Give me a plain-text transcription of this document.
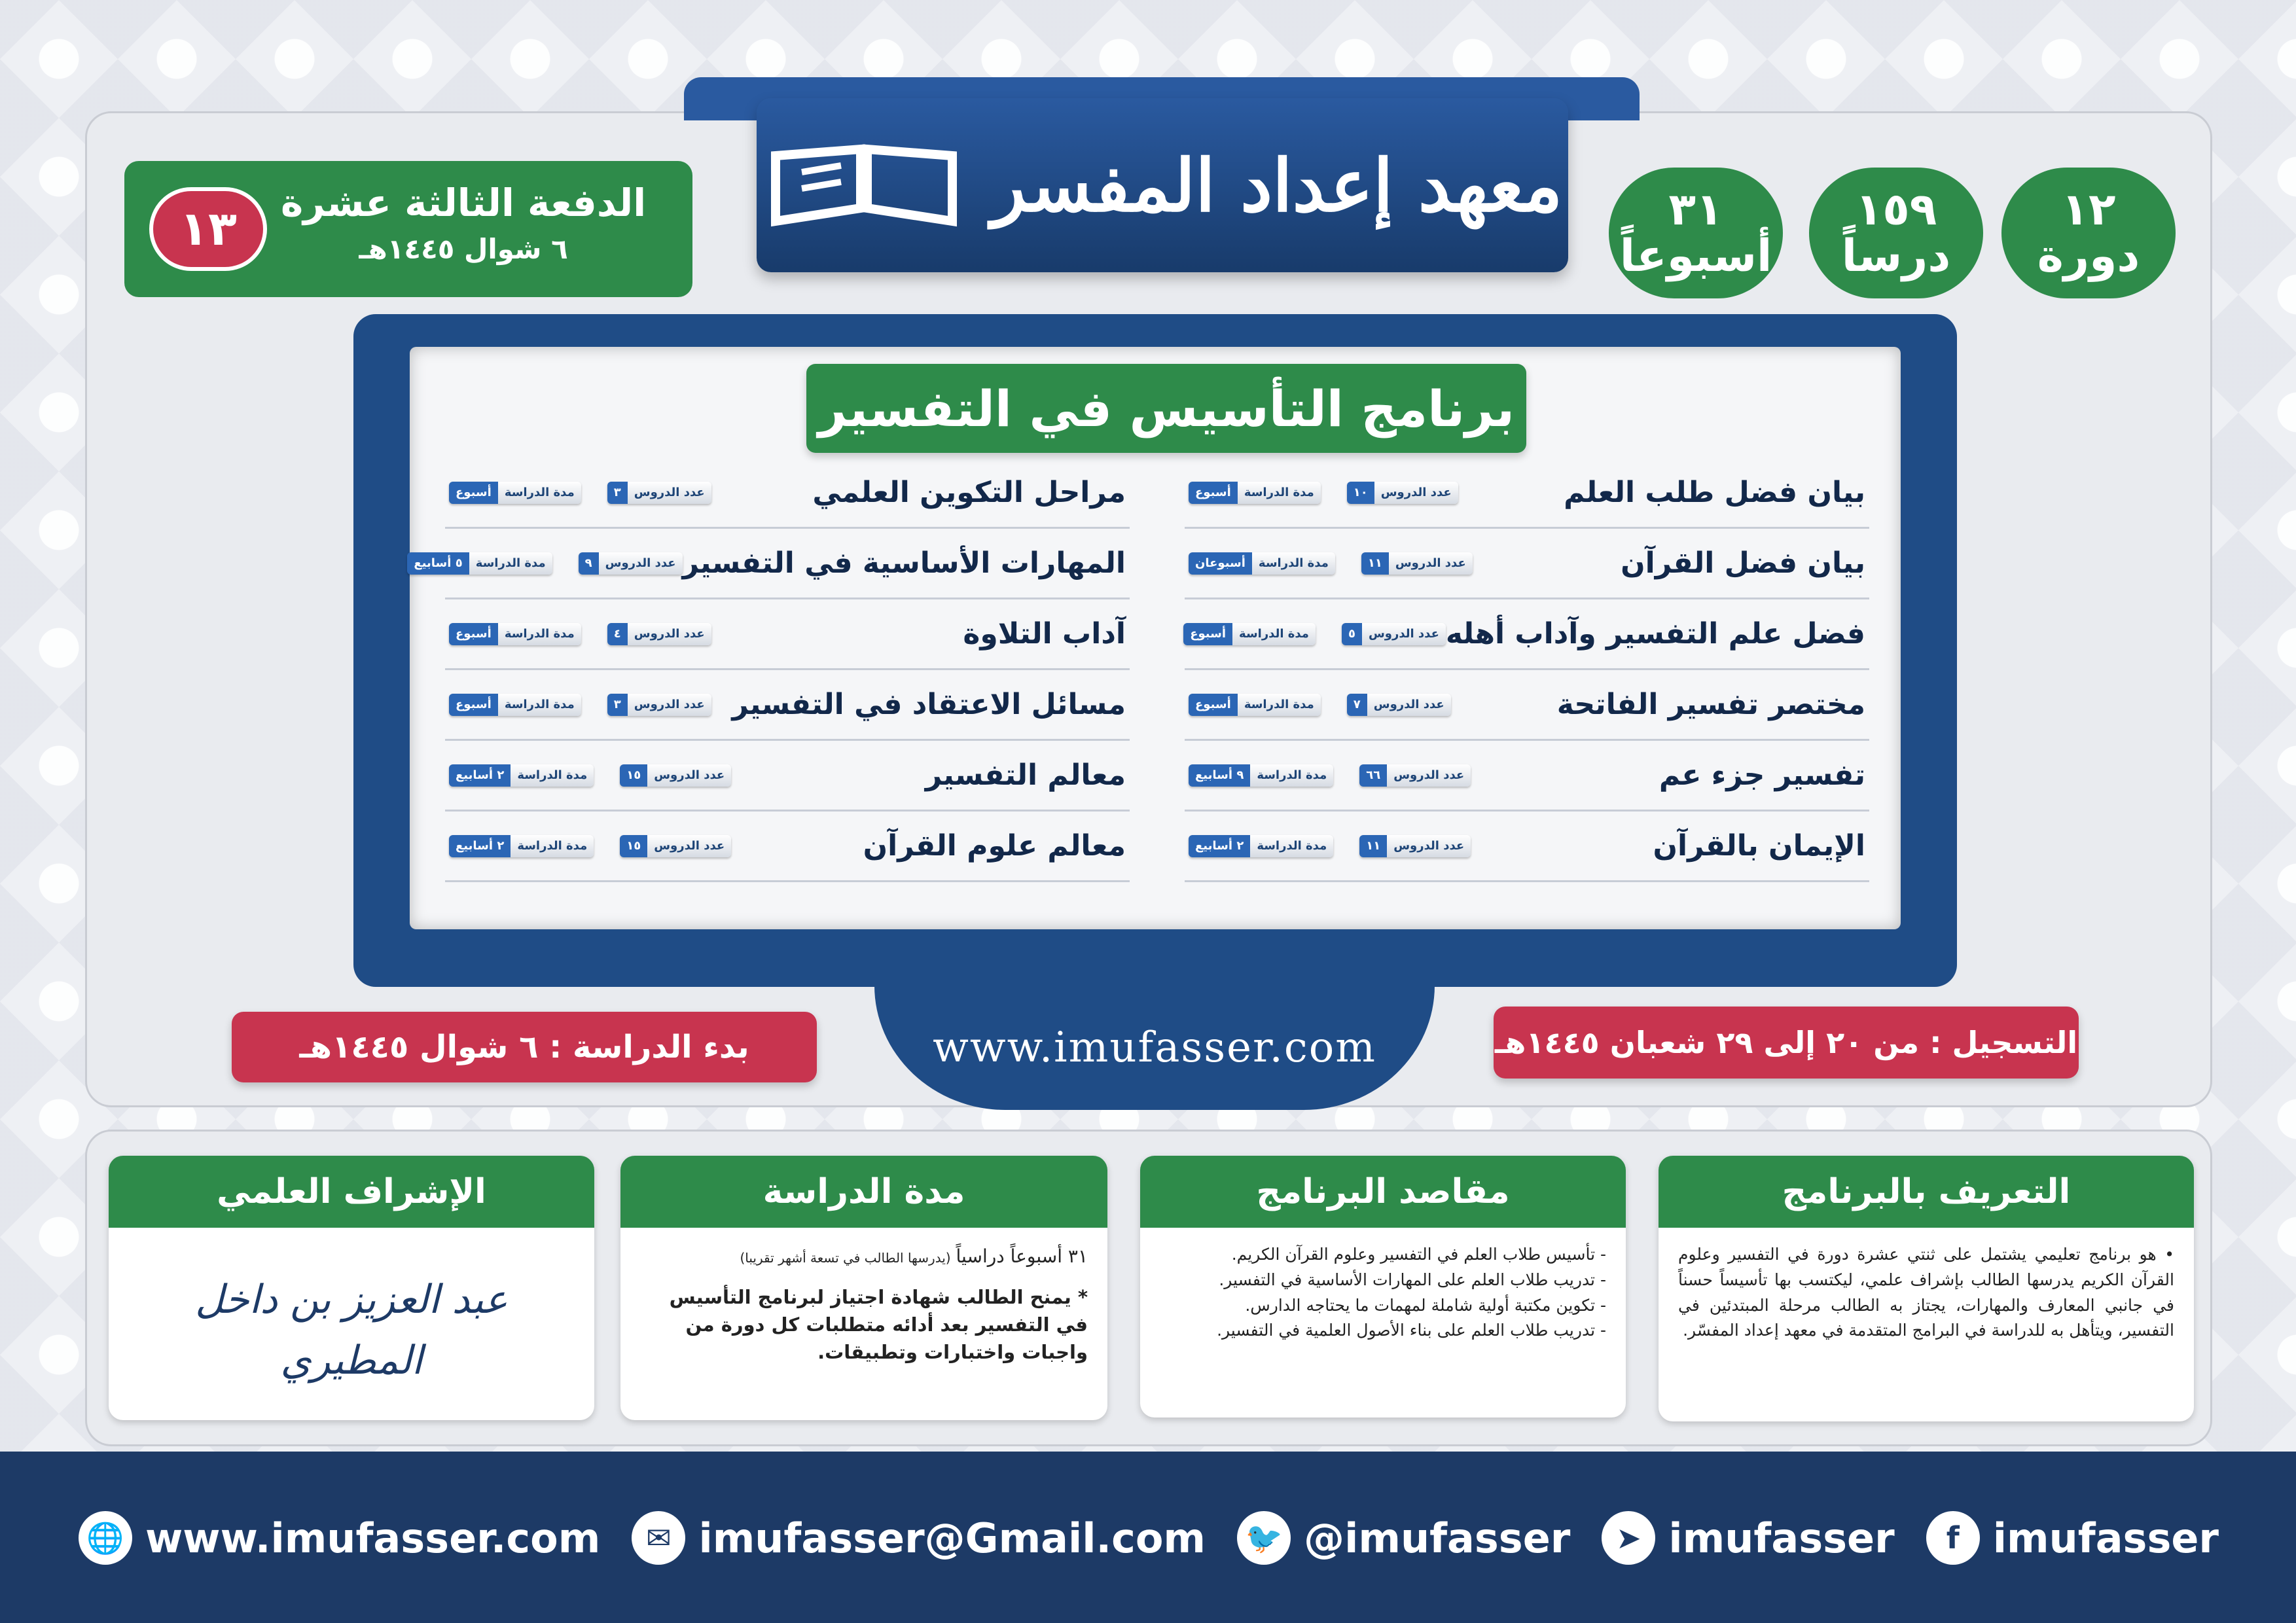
معهد إعداد المفسر
الدفعة الثالثة عشرة
٦ شوال ١٤٤٥هـ
١٣	١٢
دورة
١٥٩
درساً
٣١
أسبوعاً
برنامج التأسيس في التفسير
بيان فضل طلب العلم
عدد الدروس
١٠
مدة الدراسة
أسبوع
بيان فضل القرآن
عدد الدروس
١١
مدة الدراسة
أسبوعان
فضل علم التفسير وآداب أهله
عدد الدروس
٥
مدة الدراسة
أسبوع
مختصر تفسير الفاتحة
عدد الدروس
٧
مدة الدراسة
أسبوع
تفسير جزء عم
عدد الدروس
٦٦
مدة الدراسة
٩ أسابيع
الإيمان بالقرآن
عدد الدروس
١١
مدة الدراسة
٢ أسابيع
مراحل التكوين العلمي
عدد الدروس
٣
مدة الدراسة
أسبوع
المهارات الأساسية في التفسير
عدد الدروس
٩
مدة الدراسة
٥ أسابيع
آداب التلاوة
عدد الدروس
٤
مدة الدراسة
أسبوع
مسائل الاعتقاد في التفسير
عدد الدروس
٣
مدة الدراسة
أسبوع
معالم التفسير
عدد الدروس
١٥
مدة الدراسة
٢ أسابيع
معالم علوم القرآن
عدد الدروس
١٥
مدة الدراسة
٢ أسابيع
www.imufasser.com	التسجيل : من ٢٠ إلى ٢٩ شعبان ١٤٤٥هـ
بدء الدراسة : ٦ شوال ١٤٤٥هـ
التعريف بالبرنامج
• هو برنامج تعليمي يشتمل على ثنتي عشرة دورة في التفسير وعلوم القرآن الكريم يدرسها الطالب بإشراف علمي، ليكتسب بها تأسيساً حسناً في جانبي المعارف والمهارات، يجتاز به الطالب مرحلة المبتدئين في التفسير، ويتأهل به للدراسة في البرامج المتقدمة في معهد إعداد المفسّر.
مقاصد البرنامج
- تأسيس طلاب العلم في التفسير وعلوم القرآن الكريم.
- تدريب طلاب العلم على المهارات الأساسية في التفسير.
- تكوين مكتبة أولية شاملة لمهمات ما يحتاجه الدارس.
- تدريب طلاب العلم على بناء الأصول العلمية في التفسير.
مدة الدراسة
٣١ أسبوعاً دراسياً (يدرسها الطالب في تسعة أشهر تقريبا)
* يمنح الطالب شهادة اجتياز لبرنامج التأسيس في التفسير بعد أدائه متطلبات كل دورة من واجبات واختبارات وتطبيقات.
الإشراف العلمي
عبد العزيز بن داخل المطيري
f imufasser
➤ imufasser
🐦 @imufasser
✉ imufasser@Gmail.com
🌐 www.imufasser.com
